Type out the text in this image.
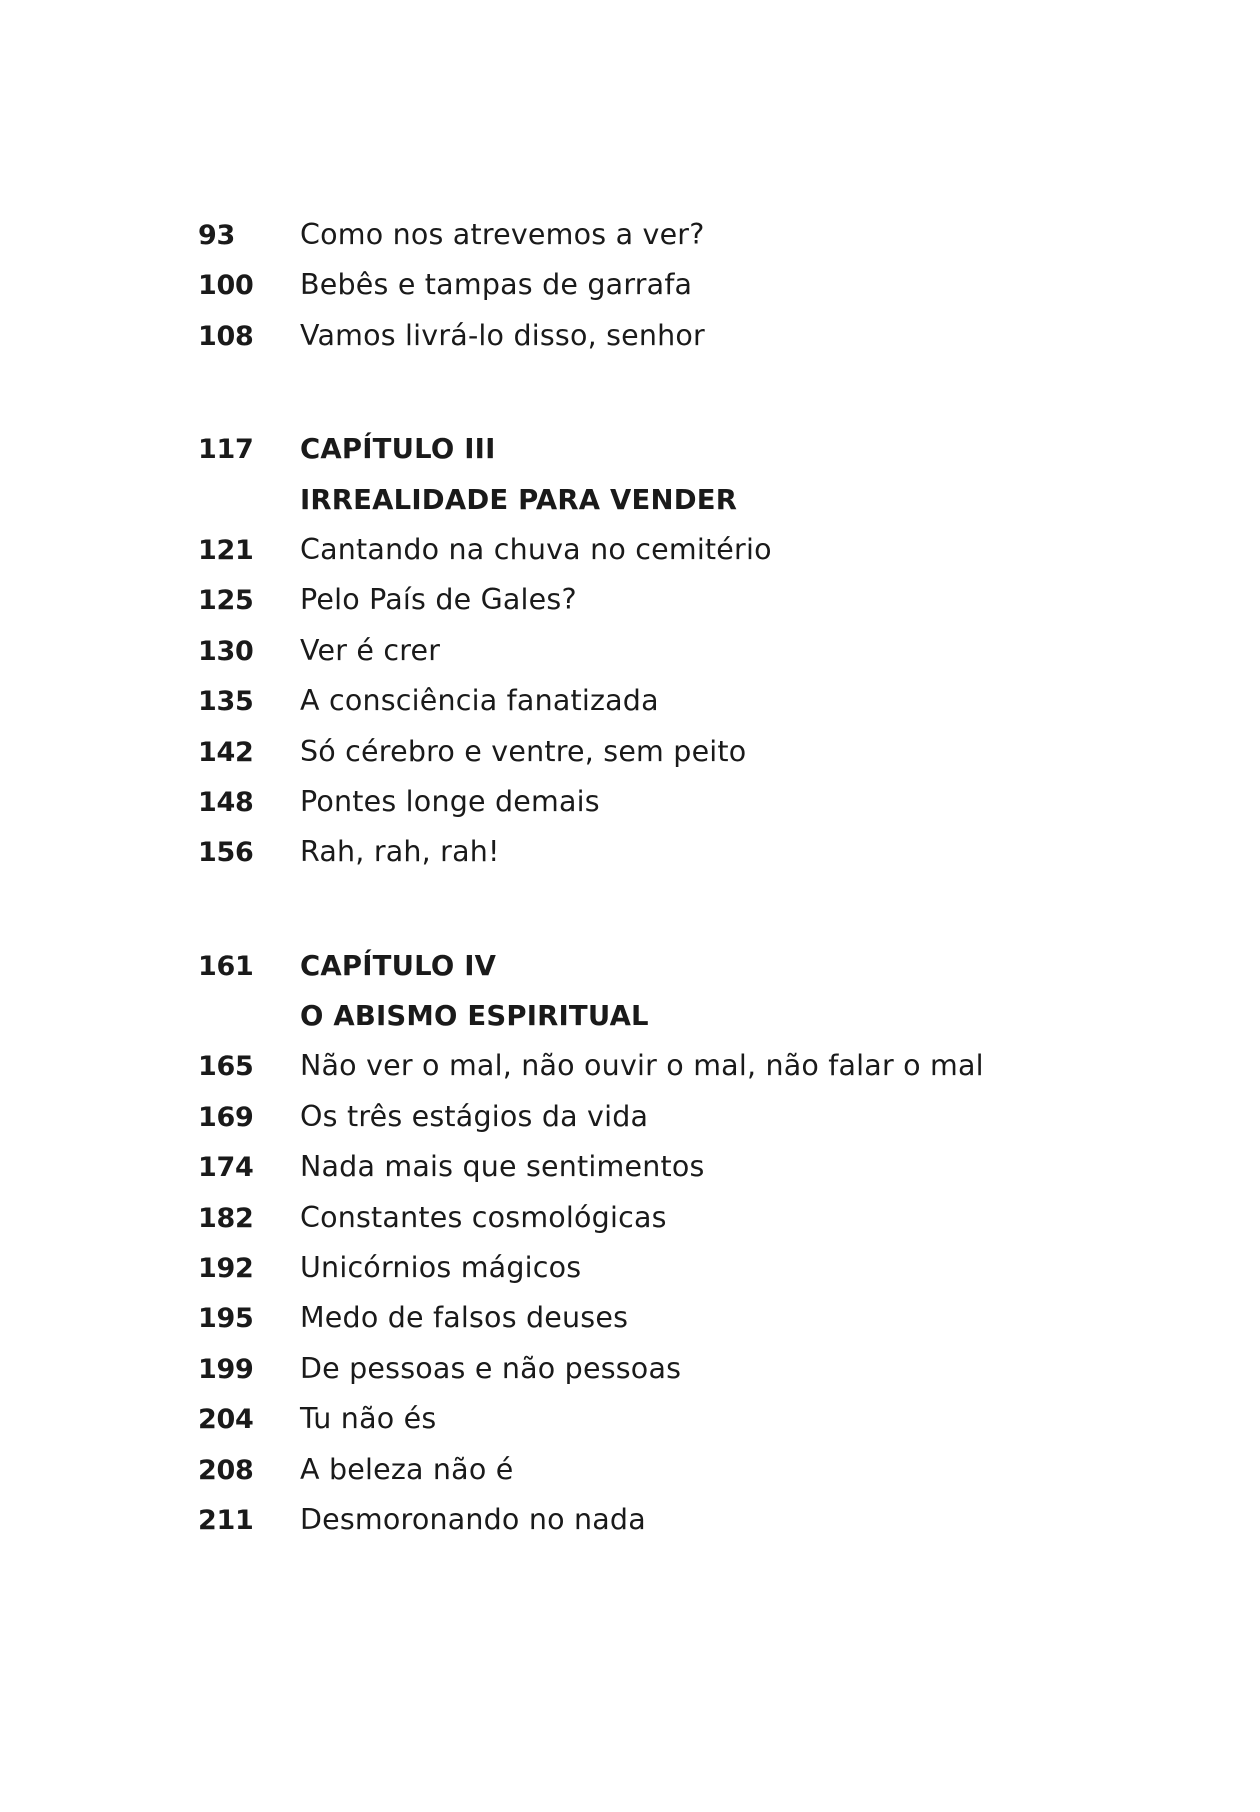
93	Como nos atrevemos a ver?
100	Bebês e tampas de garrafa
108	Vamos livrá-lo disso, senhor
117	CAPÍTULO III
IRREALIDADE PARA VENDER
121	Cantando na chuva no cemitério
125	Pelo País de Gales?
130	Ver é crer
135	A consciência fanatizada
142	Só cérebro e ventre, sem peito
148	Pontes longe demais
156	Rah, rah, rah!
161	CAPÍTULO IV
O ABISMO ESPIRITUAL
165	Não ver o mal, não ouvir o mal, não falar o mal
169	Os três estágios da vida
174	Nada mais que sentimentos
182	Constantes cosmológicas
192	Unicórnios mágicos
195	Medo de falsos deuses
199	De pessoas e não pessoas
204	Tu não és
208	A beleza não é
211	Desmoronando no nada
